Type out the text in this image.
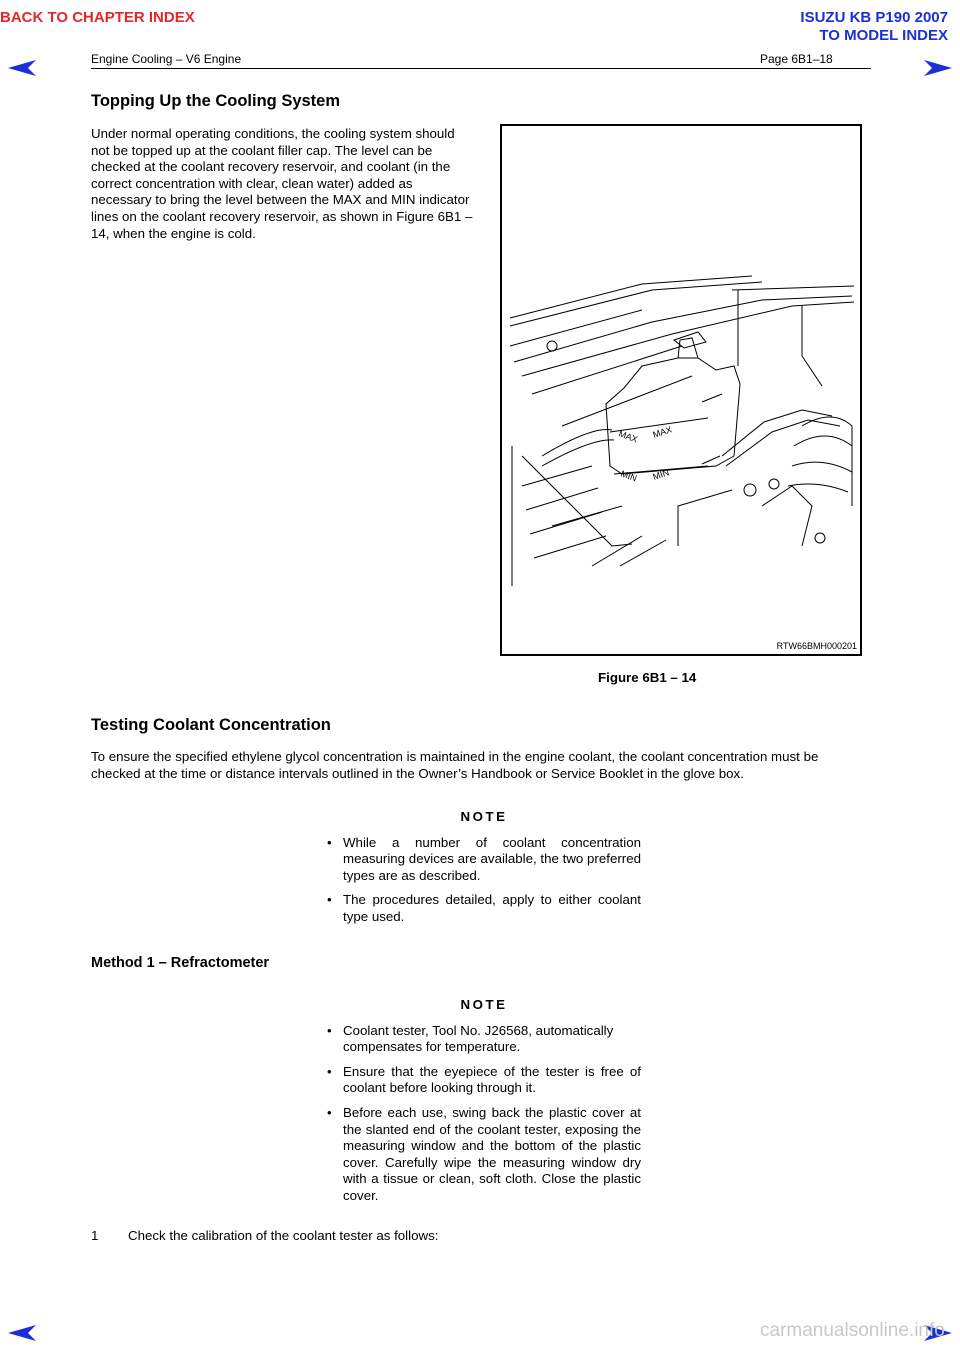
BACK TO CHAPTER INDEX	ISUZU KB P190 2007
TO MODEL INDEX
Engine Cooling – V6 Engine	Page 6B1–18
Topping Up the Cooling System

Under normal operating conditions, the cooling system should not be topped up at the coolant filler cap. The level can be checked at the coolant recovery reservoir, and coolant (in the correct concentration with clear, clean water) added as necessary to bring the level between the MAX and MIN indicator lines on the coolant recovery reservoir, as shown in Figure 6B1 – 14, when the engine is cold.

MAX MAX
MIN MIN
RTW66BMH000201
Figure 6B1 – 14
Testing Coolant Concentration

To ensure the specified ethylene glycol concentration is maintained in the engine coolant, the coolant concentration must be checked at the time or distance intervals outlined in the Owner’s Handbook or Service Booklet in the glove box.

NOTE
• While a number of coolant concentration measuring devices are available, the two preferred types are as described.
• The procedures detailed, apply to either coolant type used.
Method 1 – Refractometer
NOTE
• Coolant tester, Tool No. J26568, automatically compensates for temperature.
• Ensure that the eyepiece of the tester is free of coolant before looking through it.
• Before each use, swing back the plastic cover at the slanted end of the coolant tester, exposing the measuring window and the bottom of the plastic cover. Carefully wipe the measuring window dry with a tissue or clean, soft cloth. Close the plastic cover.
1 Check the calibration of the coolant tester as follows:
carmanualsonline.info
